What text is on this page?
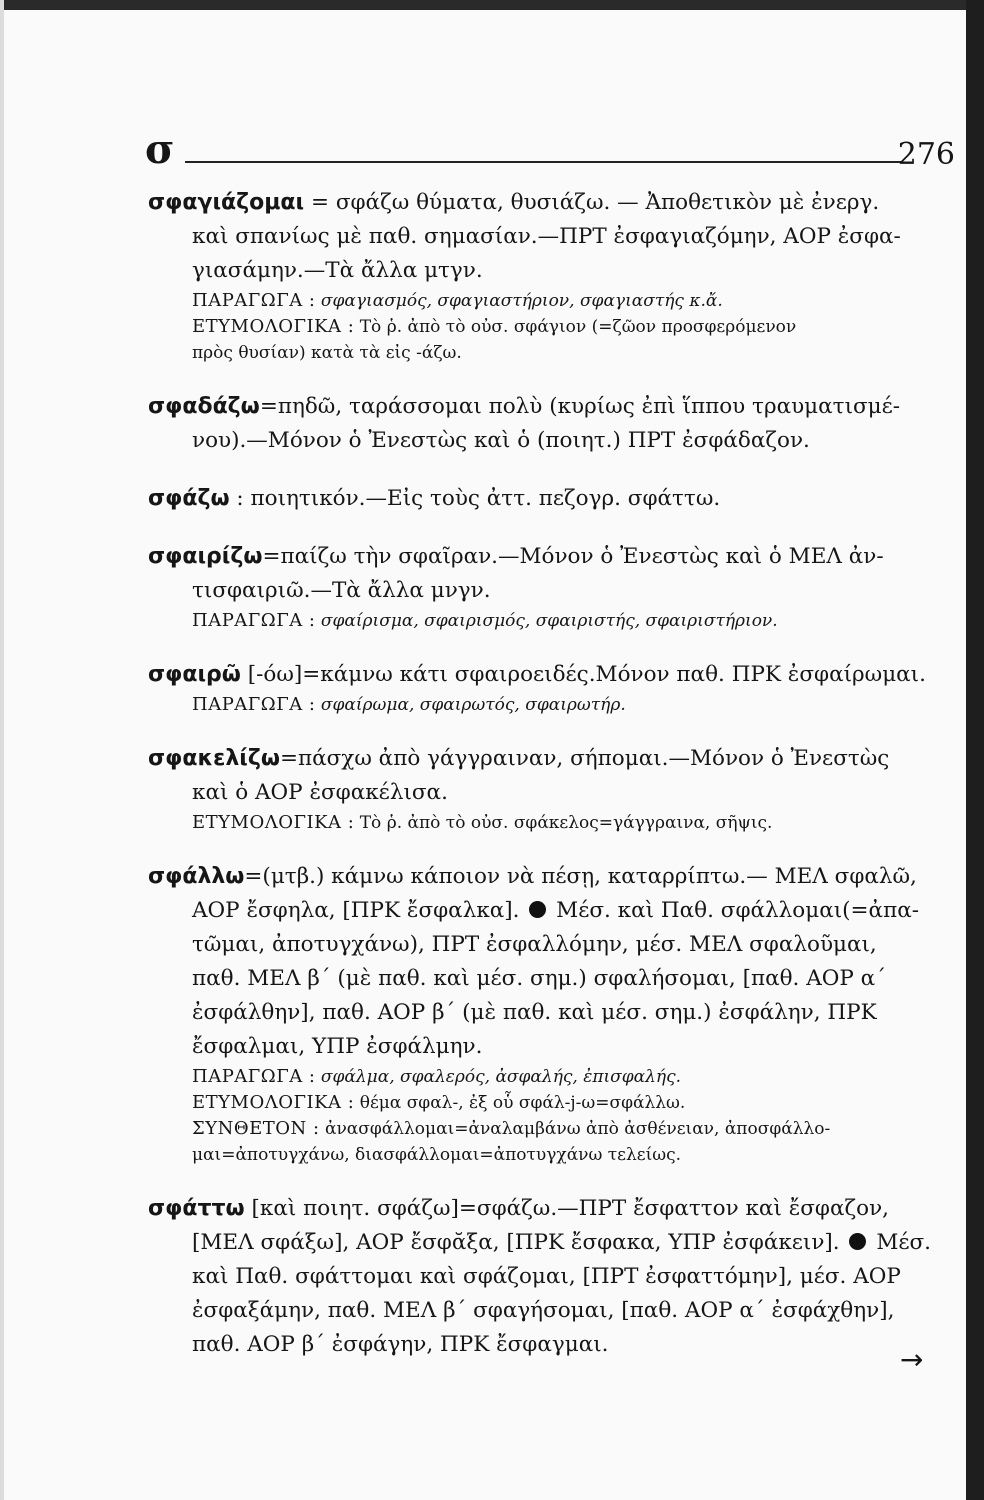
σ	276
σφαγιάζομαι = σφάζω θύματα, θυσιάζω. — Ἀποθετικὸν μὲ ἐνεργ.
καὶ σπανίως μὲ παθ. σημασίαν.—ΠΡΤ ἐσφαγιαζόμην, ΑΟΡ ἐσφα-
γιασάμην.—Τὰ ἄλλα μτγν.
ΠΑΡΑΓΩΓΑ : σφαγιασμός, σφαγιαστήριον, σφαγιαστής κ.ἄ.
ΕΤΥΜΟΛΟΓΙΚΑ : Τὸ ῥ. ἀπὸ τὸ οὐσ. σφάγιον (=ζῶον προσφερόμενον
πρὸς θυσίαν) κατὰ τὰ εἰς -άζω.
σφαδάζω=πηδῶ, ταράσσομαι πολὺ (κυρίως ἐπὶ ἵππου τραυματισμέ-
νου).—Μόνον ὁ Ἐνεστὼς καὶ ὁ (ποιητ.) ΠΡΤ ἐσφάδαζον.
σφάζω : ποιητικόν.—Εἰς τοὺς ἀττ. πεζογρ. σφάττω.
σφαιρίζω=παίζω τὴν σφαῖραν.—Μόνον ὁ Ἐνεστὼς καὶ ὁ ΜΕΛ ἀν-
τισφαιριῶ.—Τὰ ἄλλα μνγν.
ΠΑΡΑΓΩΓΑ : σφαίρισμα, σφαιρισμός, σφαιριστής, σφαιριστήριον.
σφαιρῶ [-όω]=κάμνω κάτι σφαιροειδές.Μόνον παθ. ΠΡΚ ἐσφαίρωμαι.
ΠΑΡΑΓΩΓΑ : σφαίρωμα, σφαιρωτός, σφαιρωτήρ.
σφακελίζω=πάσχω ἀπὸ γάγγραιναν, σήπομαι.—Μόνον ὁ Ἐνεστὼς
καὶ ὁ ΑΟΡ ἐσφακέλισα.
ΕΤΥΜΟΛΟΓΙΚΑ : Τὸ ῥ. ἀπὸ τὸ οὐσ. σφάκελος=γάγγραινα, σῆψις.
σφάλλω=(μτβ.) κάμνω κάποιον νὰ πέσῃ, καταρρίπτω.— ΜΕΛ σφαλῶ,
ΑΟΡ ἔσφηλα, [ΠΡΚ ἔσφαλκα].  Μέσ. καὶ Παθ. σφάλλομαι(=ἀπα-
τῶμαι, ἀποτυγχάνω), ΠΡΤ ἐσφαλλόμην, μέσ. ΜΕΛ σφαλοῦμαι,
παθ. ΜΕΛ β΄ (μὲ παθ. καὶ μέσ. σημ.) σφαλήσομαι, [παθ. ΑΟΡ α΄
ἐσφάλθην], παθ. ΑΟΡ β΄ (μὲ παθ. καὶ μέσ. σημ.) ἐσφάλην, ΠΡΚ
ἔσφαλμαι, ΥΠΡ ἐσφάλμην.
ΠΑΡΑΓΩΓΑ : σφάλμα, σφαλερός, ἀσφαλής, ἐπισφαλής.
ΕΤΥΜΟΛΟΓΙΚΑ : θέμα σφαλ-, ἐξ οὗ σφάλ-j-ω=σφάλλω.
ΣΥΝΘΕΤΟΝ : ἀνασφάλλομαι=ἀναλαμβάνω ἀπὸ ἀσθένειαν, ἀποσφάλλο-
μαι=ἀποτυγχάνω, διασφάλλομαι=ἀποτυγχάνω τελείως.
σφάττω [καὶ ποιητ. σφάζω]=σφάζω.—ΠΡΤ ἔσφαττον καὶ ἔσφαζον,
[ΜΕΛ σφάξω], ΑΟΡ ἔσφᾰξα, [ΠΡΚ ἔσφακα, ΥΠΡ ἐσφάκειν].  Μέσ.
καὶ Παθ. σφάττομαι καὶ σφάζομαι, [ΠΡΤ ἐσφαττόμην], μέσ. ΑΟΡ
ἐσφαξάμην, παθ. ΜΕΛ β΄ σφαγήσομαι, [παθ. ΑΟΡ α΄ ἐσφάχθην],
παθ. ΑΟΡ β΄ ἐσφάγην, ΠΡΚ ἔσφαγμαι.	→
